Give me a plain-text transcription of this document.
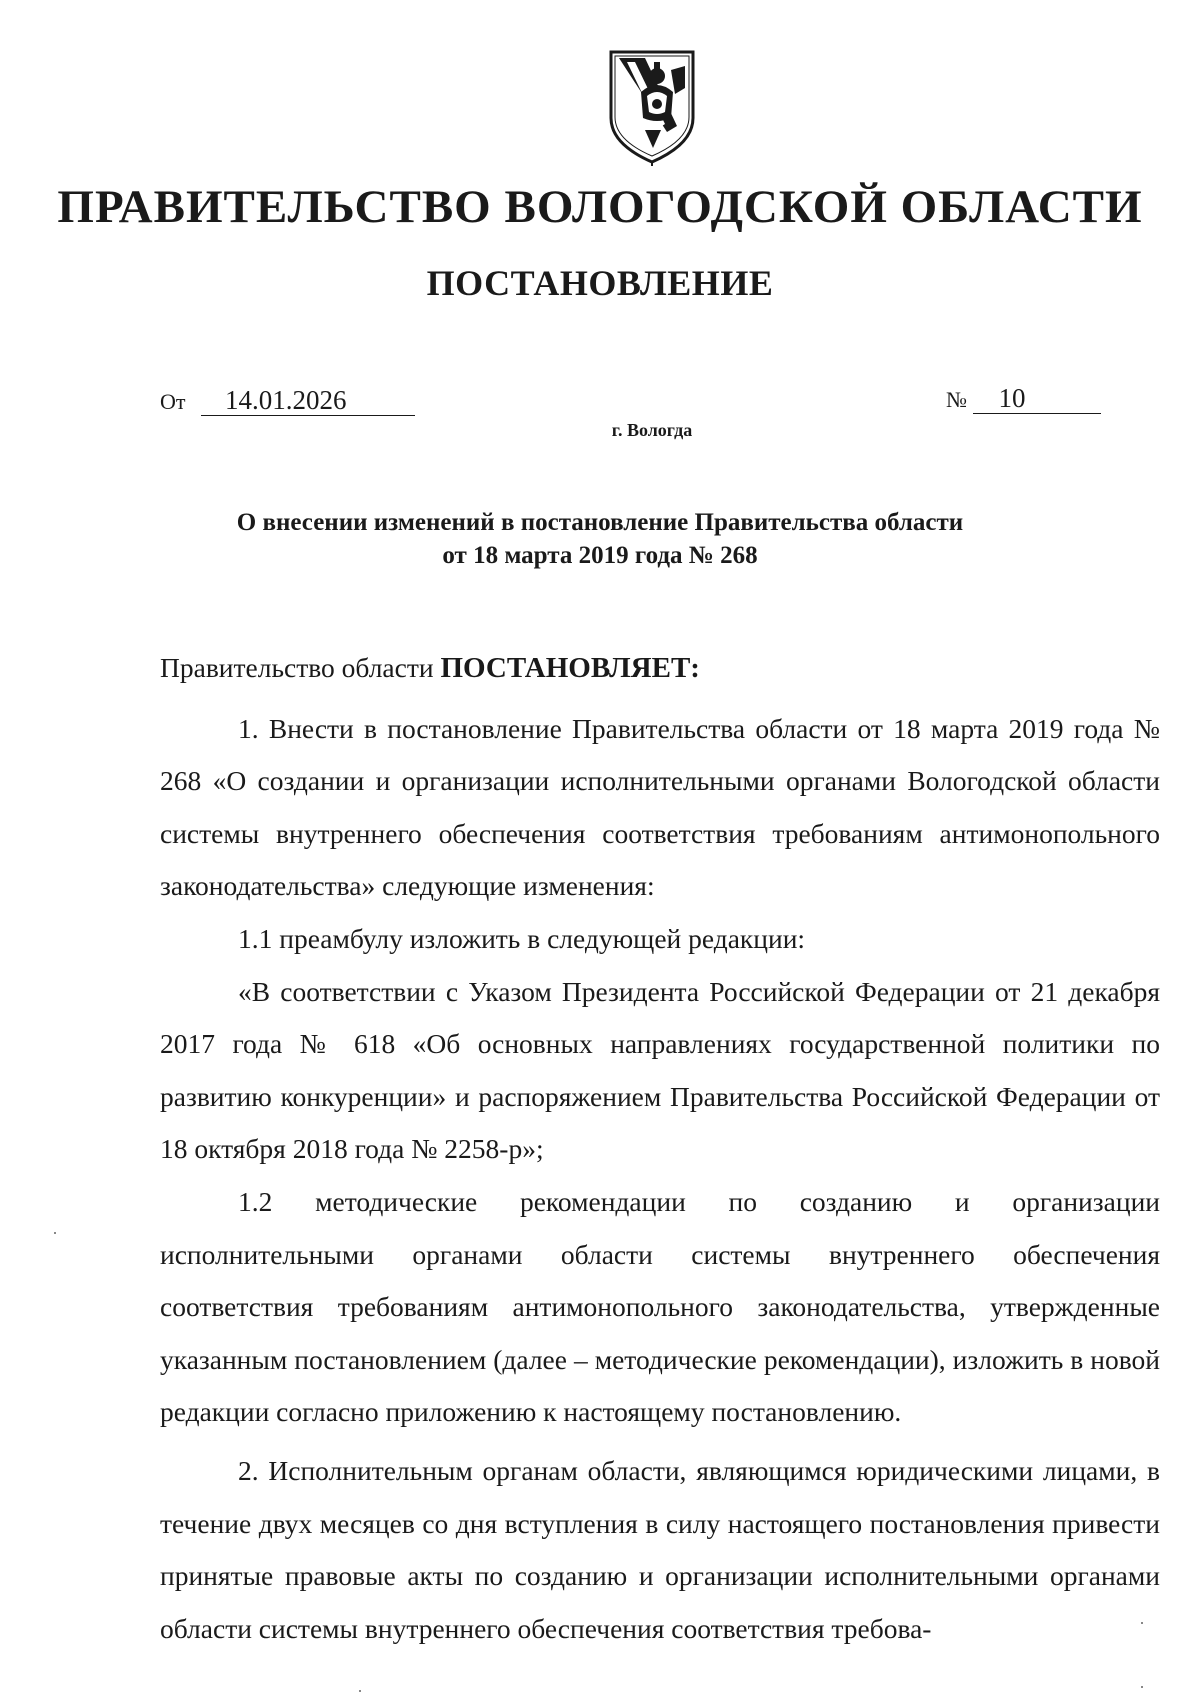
ПРАВИТЕЛЬСТВО ВОЛОГОДСКОЙ ОБЛАСТИ
ПОСТАНОВЛЕНИЕ
От 14.01.2026	№ 10
г. Вологда
О внесении изменений в постановление Правительства области
от 18 марта 2019 года № 268
Правительство области ПОСТАНОВЛЯЕТ:

1. Внести в постановление Правительства области от 18 марта 2019 года № 268 «О создании и организации исполнительными органами Вологодской области системы внутреннего обеспечения соответствия требованиям антимонопольного законодательства» следующие изменения:

1.1 преамбулу изложить в следующей редакции:

«В соответствии с Указом Президента Российской Федерации от 21 декабря 2017 года № 618 «Об основных направлениях государственной политики по развитию конкуренции» и распоряжением Правительства Российской Федерации от 18 октября 2018 года № 2258-р»;

1.2 методические рекомендации по созданию и организации исполнительными органами области системы внутреннего обеспечения соответствия требованиям антимонопольного законодательства, утвержденные указанным постановлением (далее – методические рекомендации), изложить в новой редакции согласно приложению к настоящему постановлению.

2. Исполнительным органам области, являющимся юридическими лицами, в течение двух месяцев со дня вступления в силу настоящего постановления привести принятые правовые акты по созданию и организации исполнительными органами области системы внутреннего обеспечения соответствия требова-
